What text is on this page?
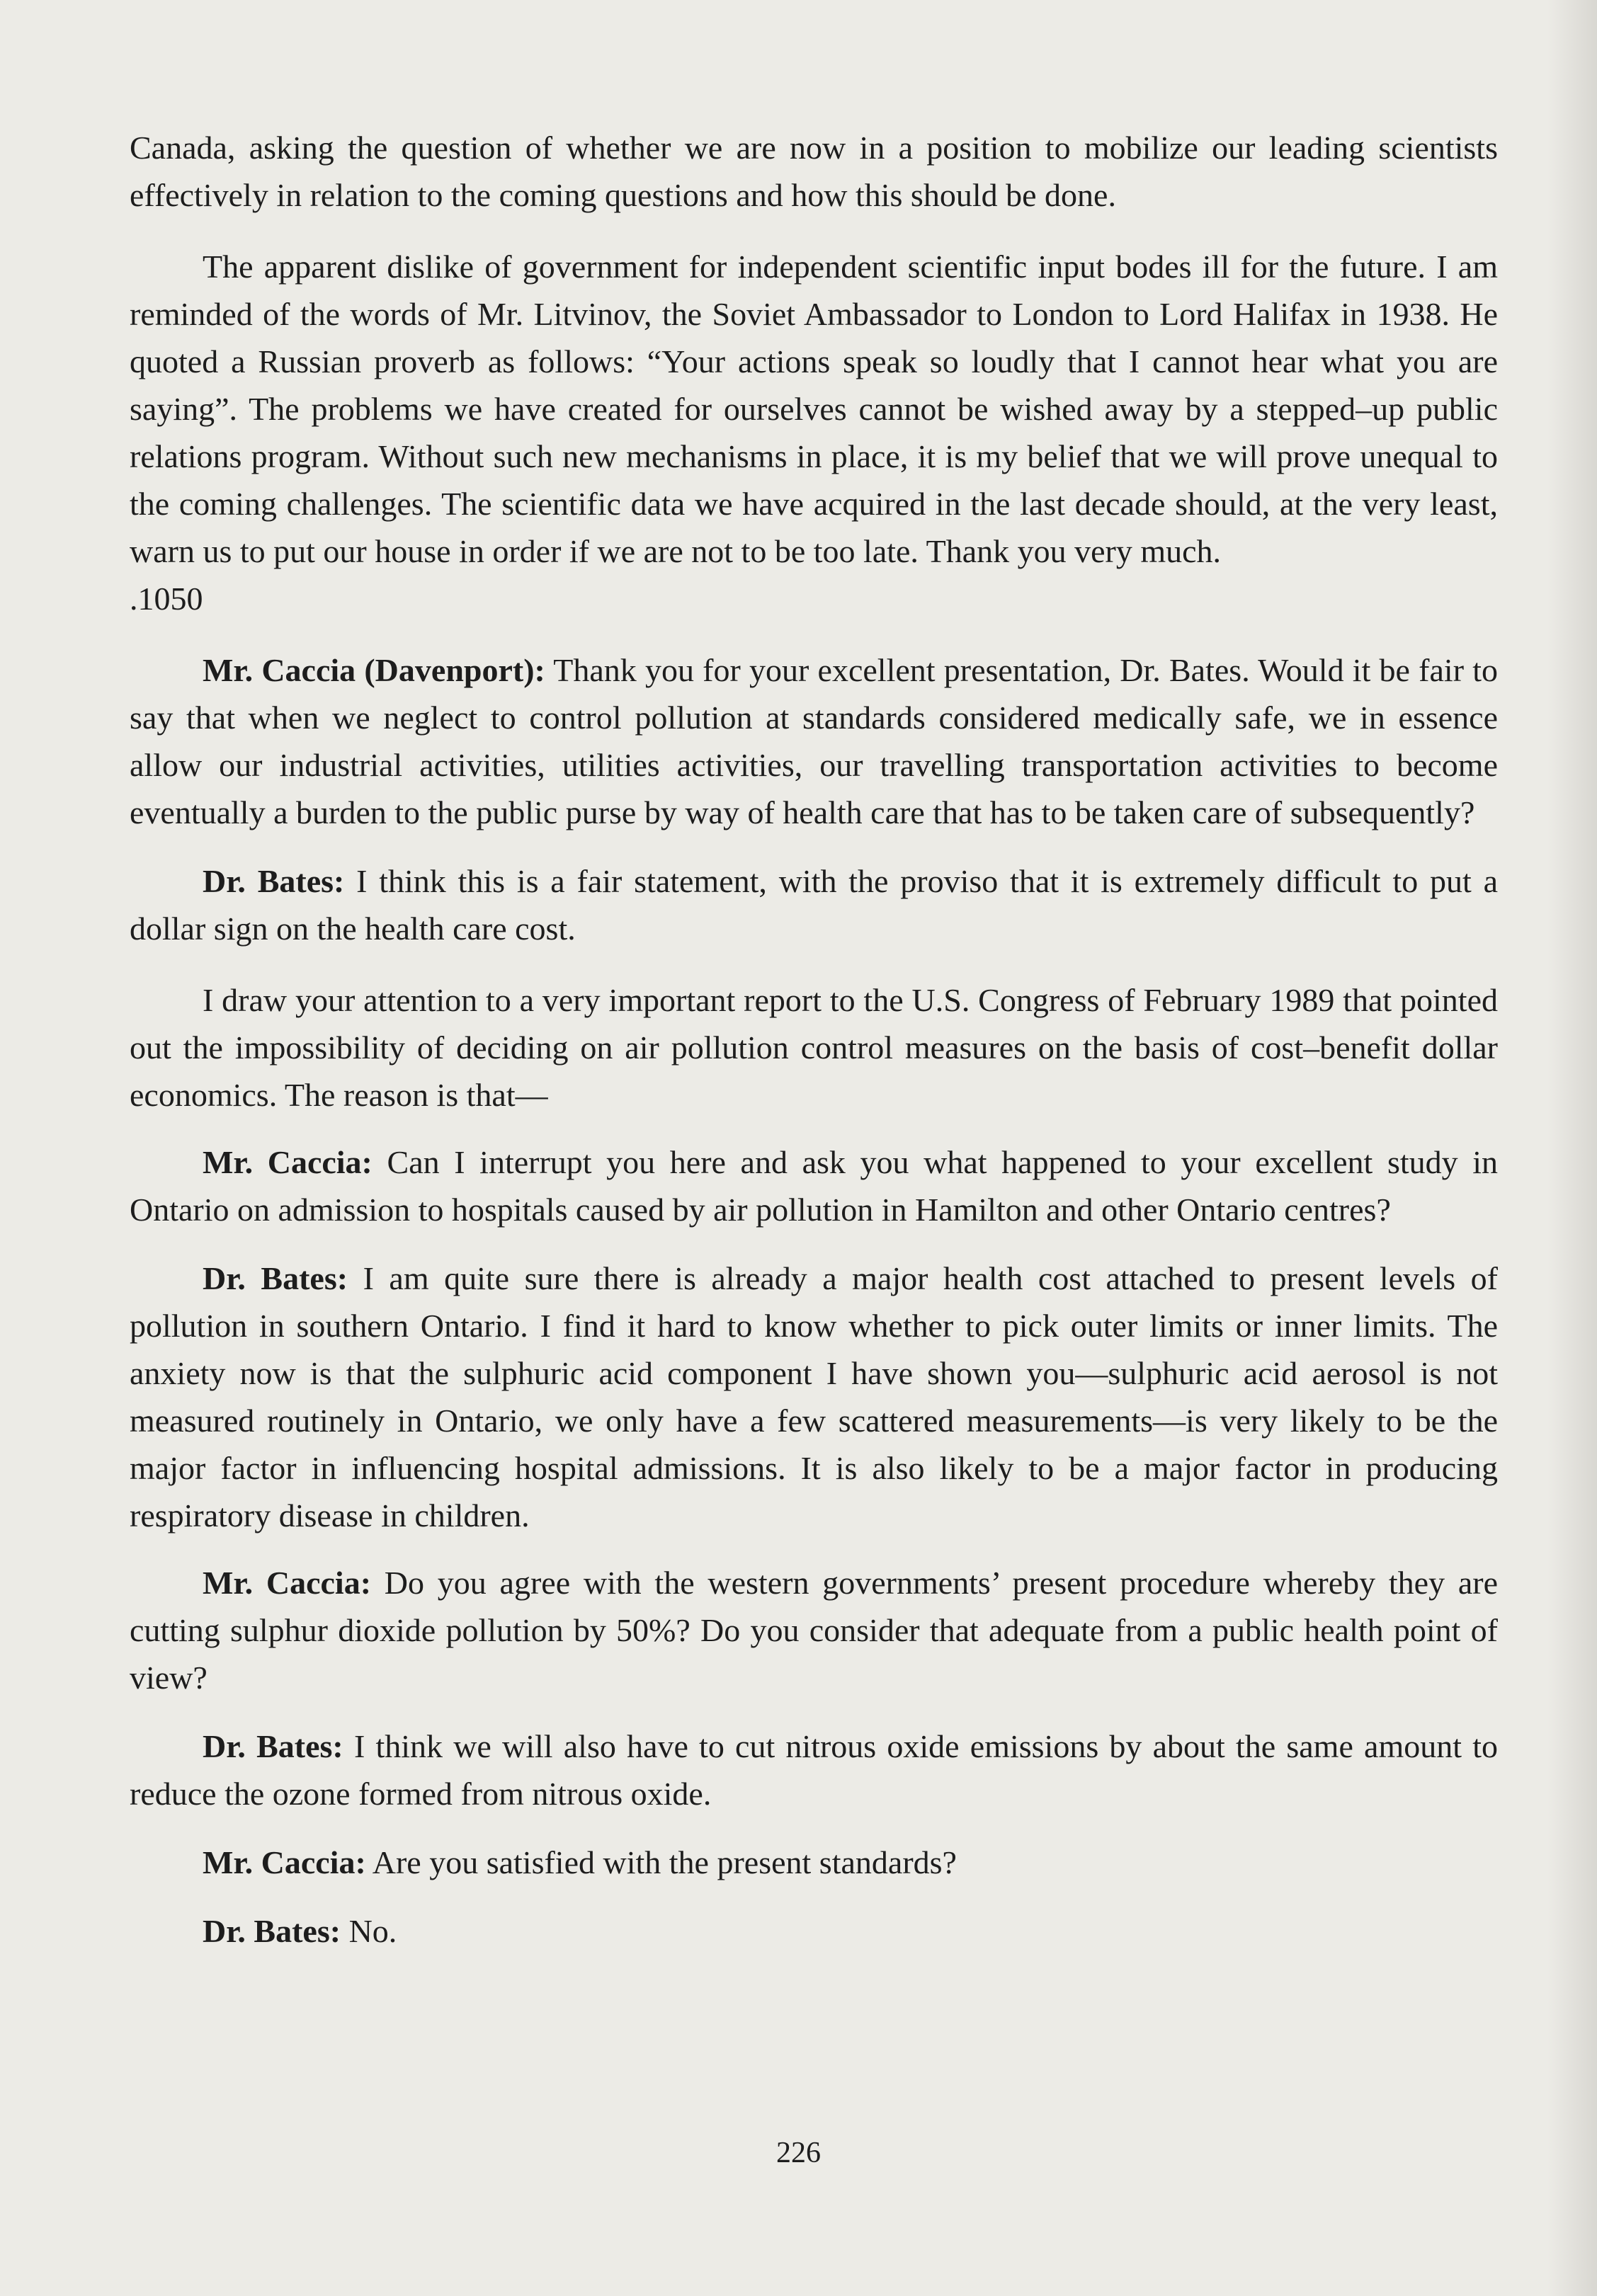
Canada, asking the question of whether we are now in a position to mobilize our leading scientists effectively in relation to the coming questions and how this should be done.

The apparent dislike of government for independent scientific input bodes ill for the future. I am reminded of the words of Mr. Litvinov, the Soviet Ambassador to London to Lord Halifax in 1938. He quoted a Russian proverb as follows: “Your actions speak so loudly that I cannot hear what you are saying”. The problems we have created for ourselves cannot be wished away by a stepped–up public relations program. Without such new mechanisms in place, it is my belief that we will prove unequal to the coming challenges. The scientific data we have acquired in the last decade should, at the very least, warn us to put our house in order if we are not to be too late. Thank you very much.

.1050

Mr. Caccia (Davenport): Thank you for your excellent presentation, Dr. Bates. Would it be fair to say that when we neglect to control pollution at standards considered medically safe, we in essence allow our industrial activities, utilities activities, our travelling transportation activities to become eventually a burden to the public purse by way of health care that has to be taken care of subsequently?

Dr. Bates: I think this is a fair statement, with the proviso that it is extremely difficult to put a dollar sign on the health care cost.

I draw your attention to a very important report to the U.S. Congress of February 1989 that pointed out the impossibility of deciding on air pollution control measures on the basis of cost–benefit dollar economics. The reason is that—

Mr. Caccia: Can I interrupt you here and ask you what happened to your excellent study in Ontario on admission to hospitals caused by air pollution in Hamilton and other Ontario centres?

Dr. Bates: I am quite sure there is already a major health cost attached to present levels of pollution in southern Ontario. I find it hard to know whether to pick outer limits or inner limits. The anxiety now is that the sulphuric acid component I have shown you—sulphuric acid aerosol is not measured routinely in Ontario, we only have a few scattered measurements—is very likely to be the major factor in influencing hospital admissions. It is also likely to be a major factor in producing respiratory disease in children.

Mr. Caccia: Do you agree with the western governments’ present procedure whereby they are cutting sulphur dioxide pollution by 50%? Do you consider that adequate from a public health point of view?

Dr. Bates: I think we will also have to cut nitrous oxide emissions by about the same amount to reduce the ozone formed from nitrous oxide.

Mr. Caccia: Are you satisfied with the present standards?

Dr. Bates: No.

226
